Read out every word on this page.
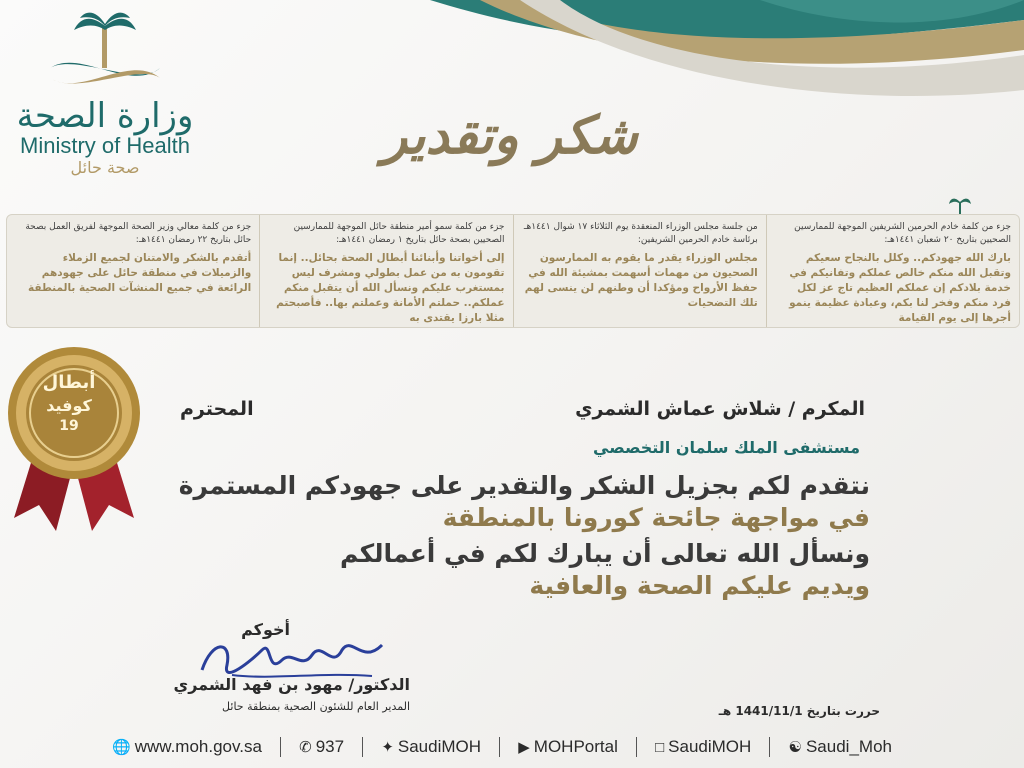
وزارة الصحة
Ministry of Health
صحة حائل
شكر وتقدير
جزء من كلمة خادم الحرمين الشريفين الموجهة للممارسين الصحيين بتاريخ ٢٠ شعبان ١٤٤١هـ:
بارك الله جهودكم.. وكلل بالنجاح سعيكم وتقبل الله منكم خالص عملكم وتفانيكم في خدمة بلادكم إن عملكم العظيم تاج عز لكل فرد منكم وفخر لنا بكم، وعبادة عظيمة ينمو أجرها إلى يوم القيامة
من جلسة مجلس الوزراء المنعقدة يوم الثلاثاء ١٧ شوال ١٤٤١هـ برئاسة خادم الحرمين الشريفين:
مجلس الوزراء يقدر ما يقوم به الممارسون الصحيون من مهمات أسهمت بمشيئة الله في حفظ الأرواح ومؤكدا أن وطنهم لن ينسى لهم تلك التضحيات
جزء من كلمة سمو أمير منطقة حائل الموجهة للممارسين الصحيين بصحة حائل بتاريخ ١ رمضان ١٤٤١هـ:
إلى أخواتنا وأبنائنا أبطال الصحة بحائل.. إنما تقومون به من عمل بطولي ومشرف ليس بمستغرب عليكم ونسأل الله أن يتقبل منكم عملكم.. حملتم الأمانة وعملتم بها.. فأصبحتم مثلا بارزا يقتدى به
جزء من كلمة معالي وزير الصحة الموجهة لفريق العمل بصحة حائل بتاريخ ٢٢ رمضان ١٤٤١هـ:
أتقدم بالشكر والامتنان لجميع الزملاء والزميلات في منطقة حائل على جهودهم الرائعة في جميع المنشآت الصحية بالمنطقة
أبطال
كوفيد
19
المكرم / شلاش عماش الشمري
المحترم
مستشفى الملك سلمان التخصصي
نتقدم لكم بجزيل الشكر والتقدير على جهودكم المستمرة
في مواجهة جائحة كورونا بالمنطقة
ونسأل الله تعالى أن يبارك لكم في أعمالكم
ويديم عليكم الصحة والعافية
أخوكم
الدكتور/ مهود بن فهد الشمري
المدير العام للشئون الصحية بمنطقة حائل	حررت بتاريخ 1441/11/1 هـ
🌐 www.moh.gov.sa ✆ 937 ✦ SaudiMOH ▶ MOHPortal □ SaudiMOH ☯ Saudi_Moh
